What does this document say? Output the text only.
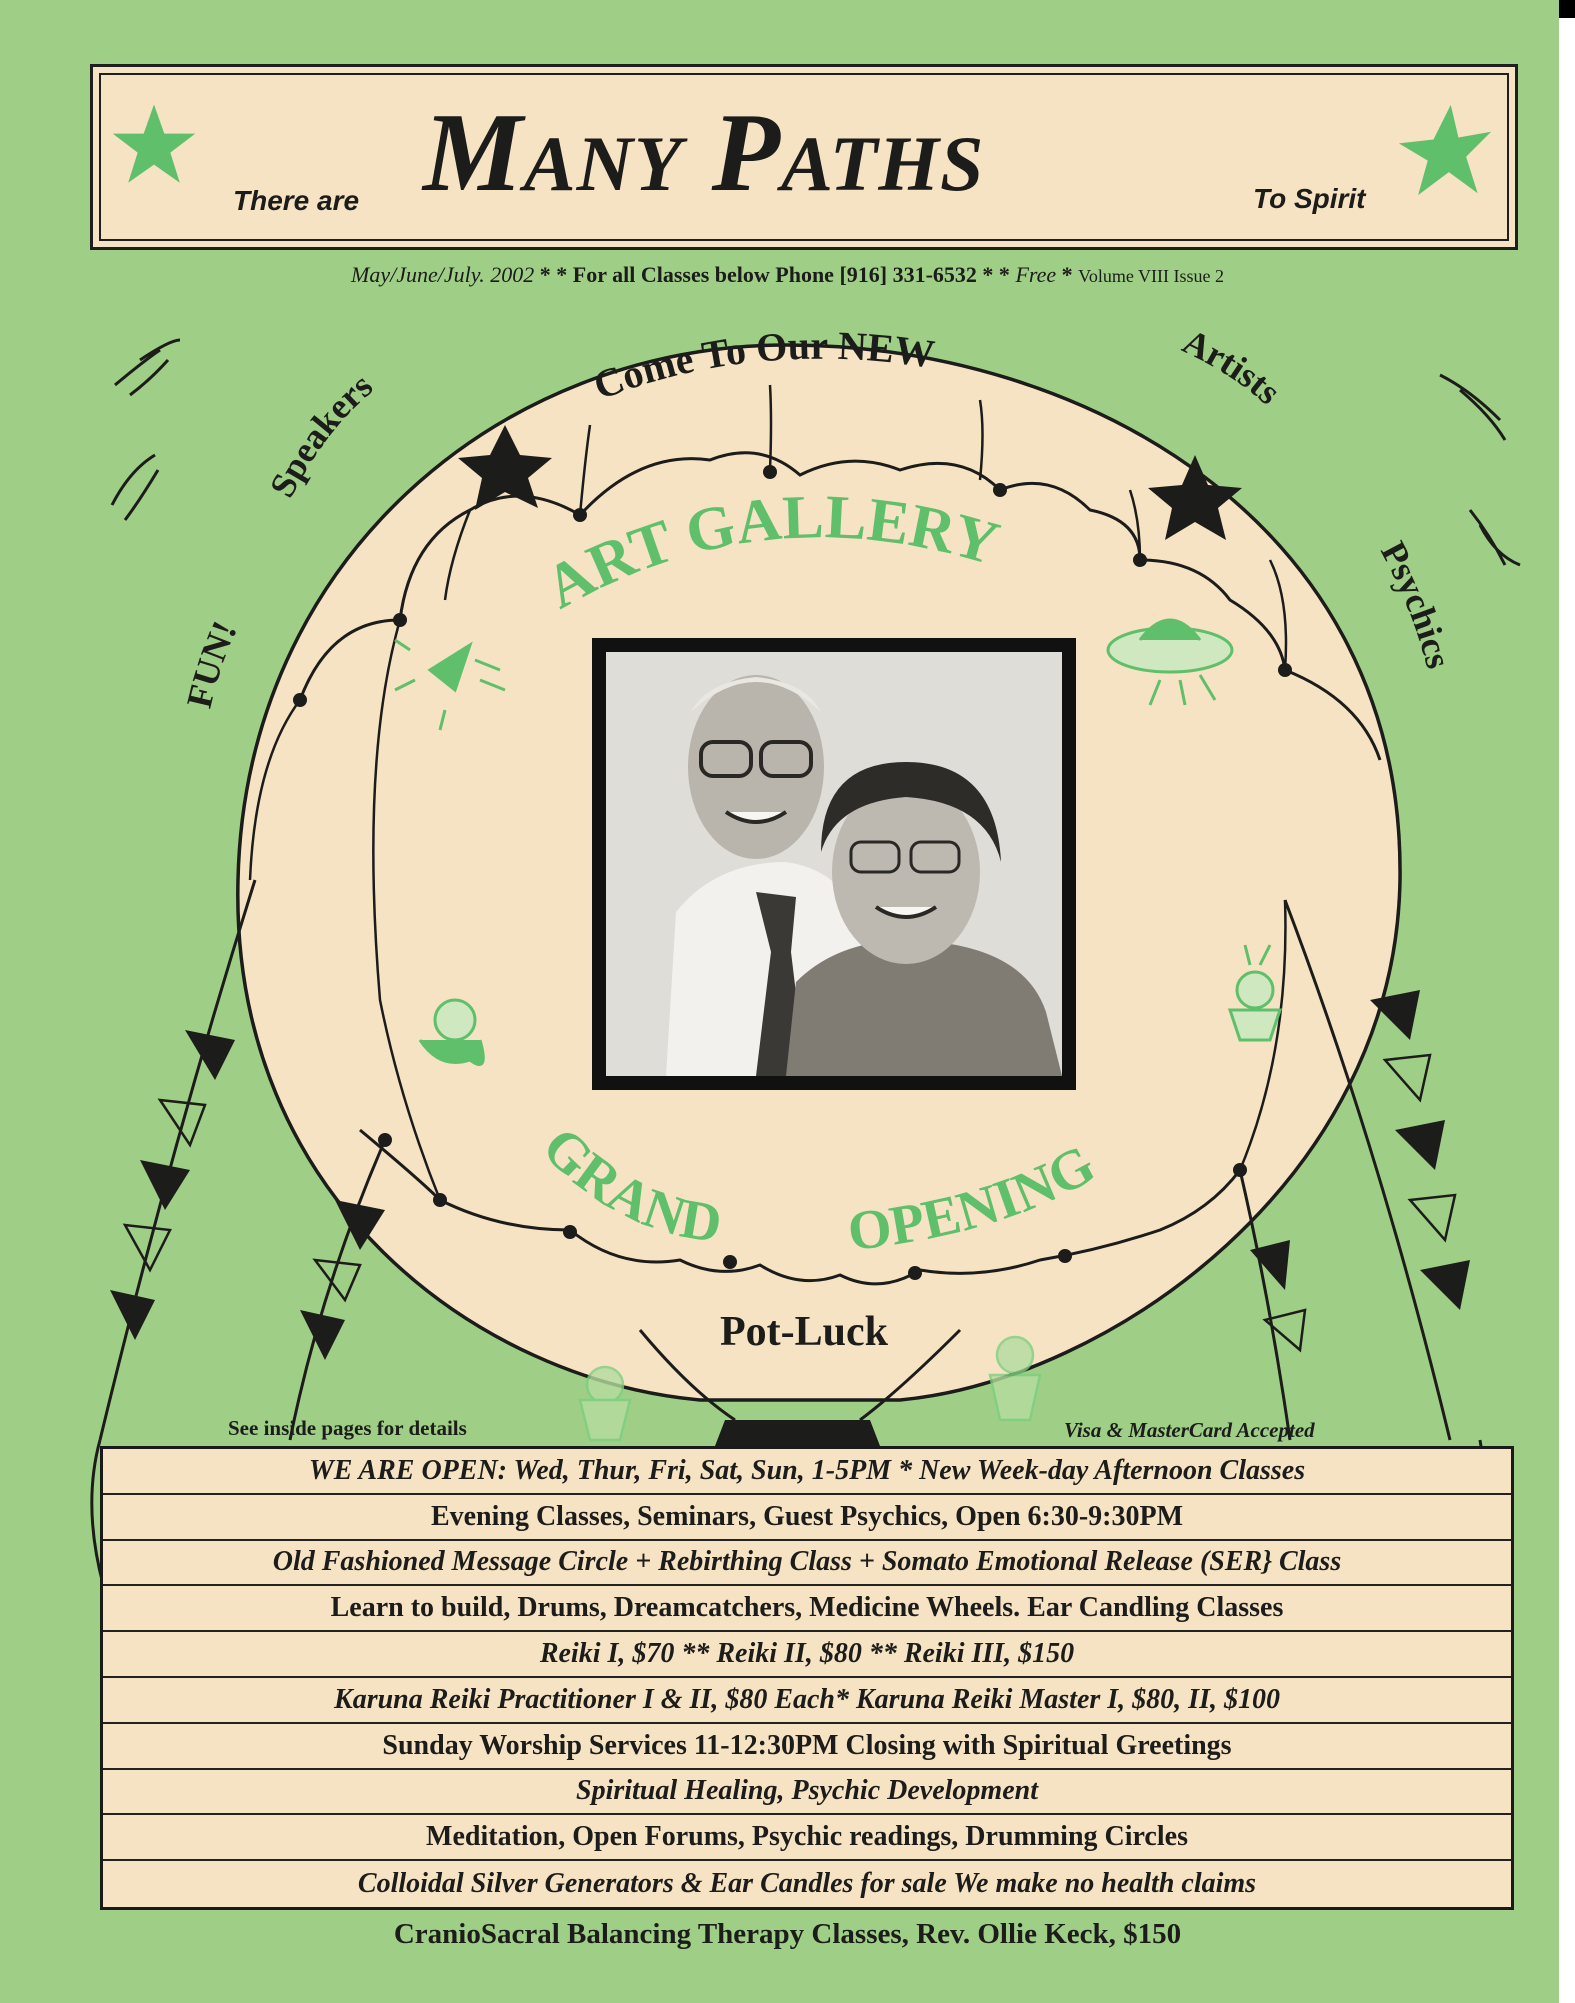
There are MANY PATHS	To Spirit
May/June/July. 2002 * * For all Classes below Phone [916] 331-6532 * * Free * Volume VIII Issue 2
Come To Our NEW
Speakers
Artists
FUN!
Psychics
ART GALLERY
GRAND OPENING
Pot-Luck
See inside pages for details	Visa & MasterCard Accepted
WE ARE OPEN: Wed, Thur, Fri, Sat, Sun, 1-5PM * New Week-day Afternoon Classes
Evening Classes, Seminars, Guest Psychics, Open 6:30-9:30PM
Old Fashioned Message Circle + Rebirthing Class + Somato Emotional Release (SER} Class
Learn to build, Drums, Dreamcatchers, Medicine Wheels. Ear Candling Classes
Reiki I, $70 ** Reiki II, $80 ** Reiki III, $150
Karuna Reiki Practitioner I & II, $80 Each* Karuna Reiki Master I, $80, II, $100
Sunday Worship Services 11-12:30PM Closing with Spiritual Greetings
Spiritual Healing, Psychic Development
Meditation, Open Forums, Psychic readings, Drumming Circles
Colloidal Silver Generators & Ear Candles for sale We make no health claims
CranioSacral Balancing Therapy Classes, Rev. Ollie Keck, $150
